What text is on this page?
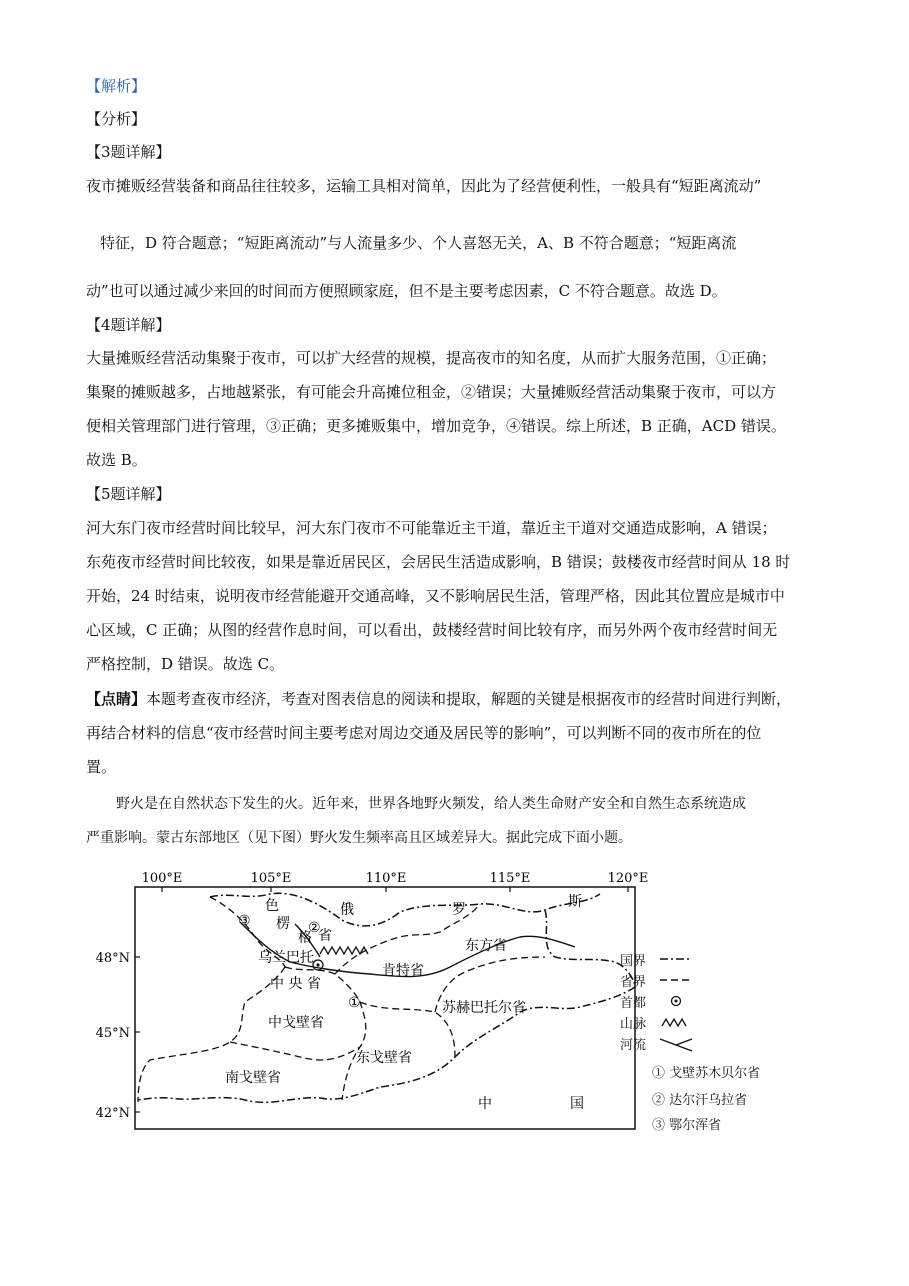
【解析】
【分析】
【3题详解】
夜市摊贩经营装备和商品往往较多，运输工具相对简单，因此为了经营便利性，一般具有“短距离流动”
特征，D 符合题意；“短距离流动”与人流量多少、个人喜怒无关，A、B 不符合题意；“短距离流
动”也可以通过减少来回的时间而方便照顾家庭，但不是主要考虑因素，C 不符合题意。故选 D。
【4题详解】
大量摊贩经营活动集聚于夜市，可以扩大经营的规模，提高夜市的知名度，从而扩大服务范围，①正确；
集聚的摊贩越多，占地越紧张，有可能会升高摊位租金，②错误；大量摊贩经营活动集聚于夜市，可以方
便相关管理部门进行管理，③正确；更多摊贩集中，增加竞争，④错误。综上所述，B 正确，ACD 错误。
故选 B。
【5题详解】
河大东门夜市经营时间比较早，河大东门夜市不可能靠近主干道，靠近主干道对交通造成影响，A 错误；
东苑夜市经营时间比较夜，如果是靠近居民区，会居民生活造成影响，B 错误；鼓楼夜市经营时间从 18 时
开始，24 时结束，说明夜市经营能避开交通高峰，又不影响居民生活，管理严格，因此其位置应是城市中
心区域，C 正确；从图的经营作息时间，可以看出，鼓楼经营时间比较有序，而另外两个夜市经营时间无
严格控制，D 错误。故选 C。
【点睛】本题考查夜市经济，考查对图表信息的阅读和提取，解题的关键是根据夜市的经营时间进行判断，
再结合材料的信息“夜市经营时间主要考虑对周边交通及居民等的影响”，可以判断不同的夜市所在的位
置。
野火是在自然状态下发生的火。近年来，世界各地野火频发，给人类生命财产安全和自然生态系统造成
严重影响。蒙古东部地区（见下图）野火发生频率高且区域差异大。据此完成下面小题。
100°E	105°E	110°E	115°E	120°E
48°N
45°N
42°N
色
楞
格 省
③	②
①
俄	罗	斯
乌兰巴托
东方省
肯特省
中 央 省
苏赫巴托尔省
中戈壁省
东戈壁省
南戈壁省
中	国
国界
省界
首都
山脉
河流
① 戈壁苏木贝尔省
② 达尔汗乌拉省
③ 鄂尔浑省
